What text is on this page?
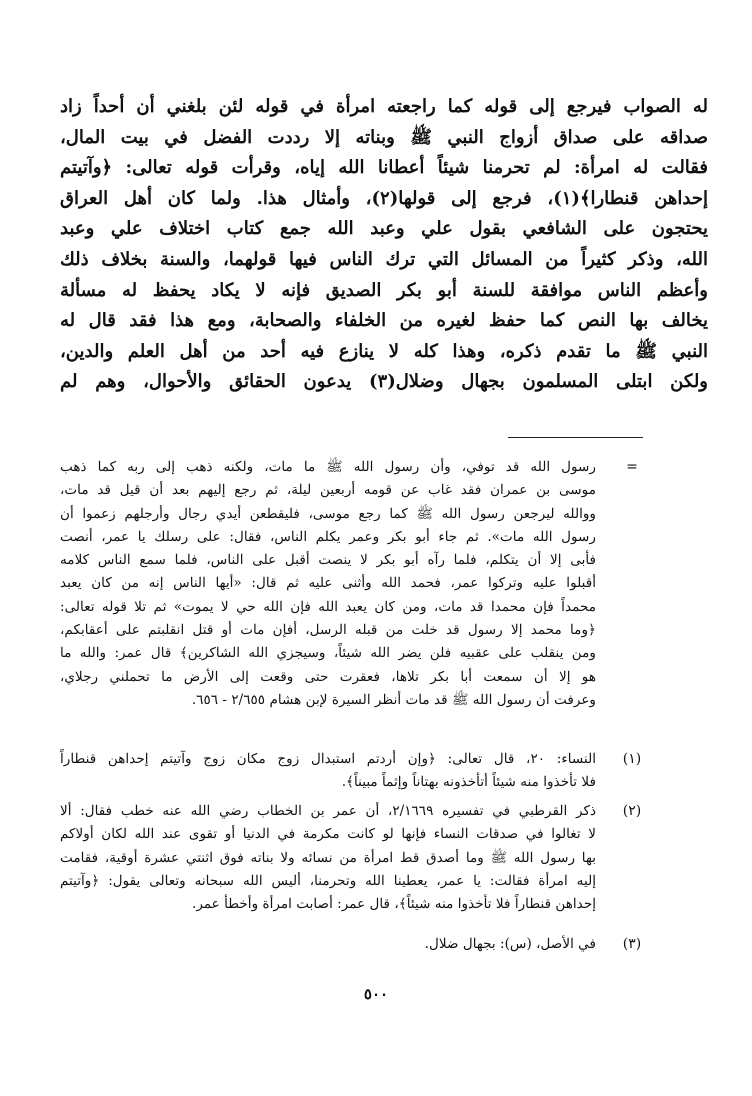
له الصواب فيرجع إلى قوله كما راجعته امرأة في قوله لئن بلغني أن أحداً زاد
صداقه على صداق أزواج النبي ﷺ وبناته إلا رددت الفضل في بيت المال،
فقالت له امرأة: لم تحرمنا شيئاً أعطانا الله إياه، وقرأت قوله تعالى: ﴿وآتيتم
إحداهن قنطارا﴾(١)، فرجع إلى قولها(٢)، وأمثال هذا. ولما كان أهل العراق
يحتجون على الشافعي بقول علي وعبد الله جمع كتاب اختلاف علي وعبد
الله، وذكر كثيراً من المسائل التي ترك الناس فيها قولهما، والسنة بخلاف ذلك
وأعظم الناس موافقة للسنة أبو بكر الصديق فإنه لا يكاد يحفظ له مسألة
يخالف بها النص كما حفظ لغيره من الخلفاء والصحابة، ومع هذا فقد قال له
النبي ﷺ ما تقدم ذكره، وهذا كله لا ينازع فيه أحد من أهل العلم والدين،
ولكن ابتلى المسلمون بجهال وضلال(٣) يدعون الحقائق والأحوال، وهم لم
=
رسول الله قد توفي، وأن رسول الله ﷺ ما مات، ولكنه ذهب إلى ربه كما ذهب
موسى بن عمران فقد غاب عن قومه أربعين ليلة، ثم رجع إليهم بعد أن قيل قد مات،
ووالله ليرجعن رسول الله ﷺ كما رجع موسى، فليقطعن أيدي رجال وأرجلهم زعموا أن
رسول الله مات». ثم جاء أبو بكر وعمر يكلم الناس، فقال: على رسلك يا عمر، أنصت
فأبى إلا أن يتكلم، فلما رآه أبو بكر لا ينصت أقبل على الناس، فلما سمع الناس كلامه
أقبلوا عليه وتركوا عمر، فحمد الله وأثنى عليه ثم قال: «أيها الناس إنه من كان يعبد
محمداً فإن محمدا قد مات، ومن كان يعبد الله فإن الله حي لا يموت» ثم تلا قوله تعالى:
﴿وما محمد إلا رسول قد خلت من قبله الرسل، أفإن مات أو قتل انقلبتم على أعقابكم،
ومن ينقلب على عقبيه فلن يضر الله شيئاً، وسيجزي الله الشاكرين﴾ قال عمر: والله ما
هو إلا أن سمعت أبا بكر تلاها، فعقرت حتى وقعت إلى الأرض ما تحملني رجلاي،
وعرفت أن رسول الله ﷺ قد مات أنظر السيرة لإبن هشام ٢/٦٥٥ - ٦٥٦.
(١)
النساء: ٢٠، قال تعالى: ﴿وإن أردتم استبدال زوج مكان زوج وآتيتم إحداهن قنطاراً
فلا تأخذوا منه شيئاً أتأخذونه بهتاناً وإثماً مبيناً﴾.
(٢)
ذكر القرطبي في تفسيره ٢/١٦٦٩، أن عمر بن الخطاب رضي الله عنه خطب فقال: ألا
لا تغالوا في صدقات النساء فإنها لو كانت مكرمة في الدنيا أو تقوى عند الله لكان أولاكم
بها رسول الله ﷺ وما أصدق قط امرأة من نسائه ولا بناته فوق اثنتي عشرة أوقية، فقامت
إليه امرأة فقالت: يا عمر، يعطينا الله وتحرمنا، أليس الله سبحانه وتعالى يقول: ﴿وآتيتم
إحداهن قنطاراً فلا تأخذوا منه شيئاً﴾، قال عمر: أصابت امرأة وأخطأ عمر.
(٣)
في الأصل، (س): بجهال ضلال.
٥٠٠
